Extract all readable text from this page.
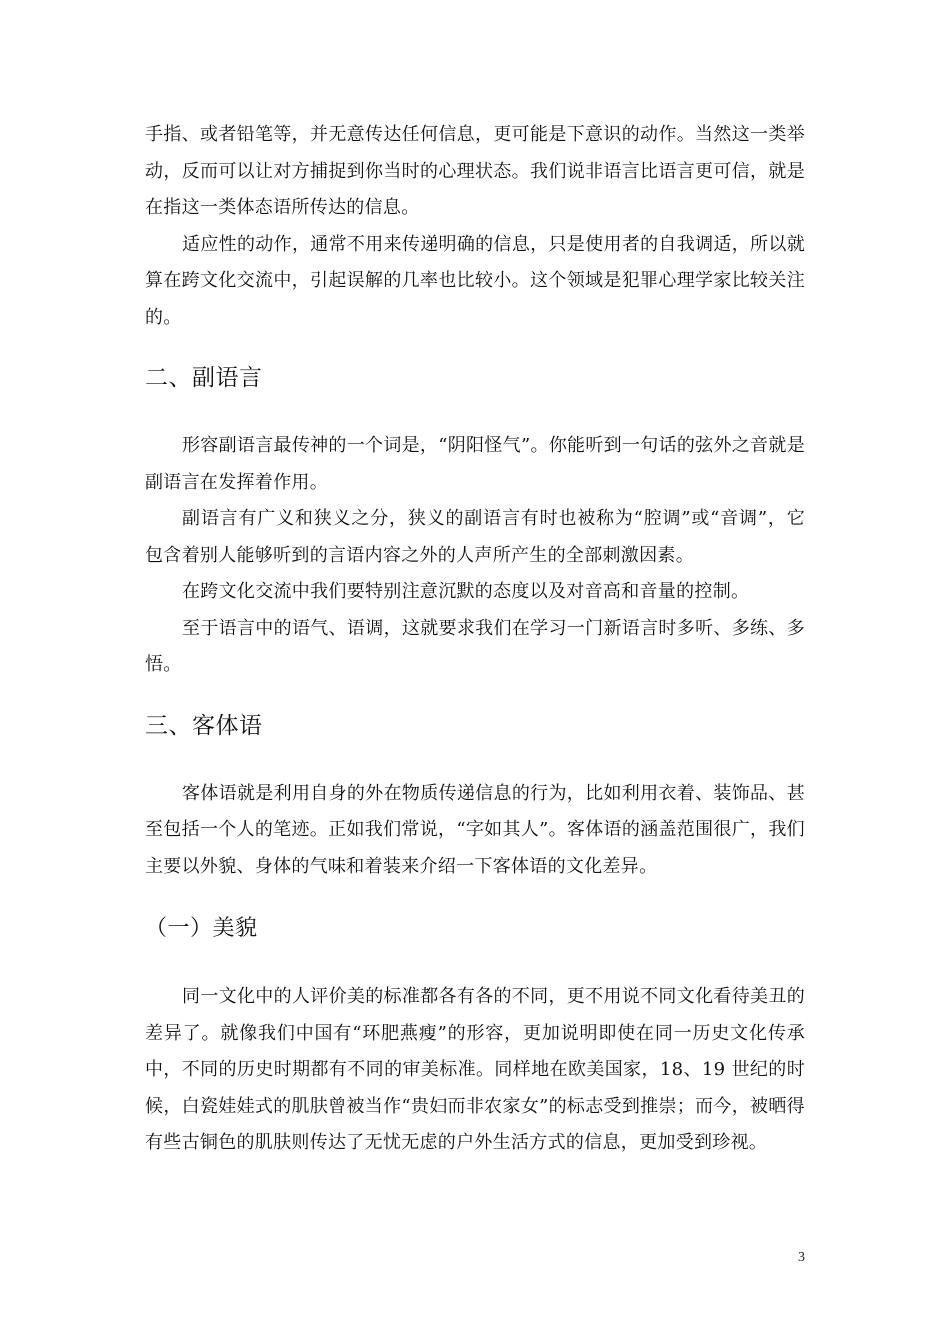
手指、或者铅笔等，并无意传达任何信息，更可能是下意识的动作。当然这一类举动，反而可以让对方捕捉到你当时的心理状态。我们说非语言比语言更可信，就是在指这一类体态语所传达的信息。

适应性的动作，通常不用来传递明确的信息，只是使用者的自我调适，所以就算在跨文化交流中，引起误解的几率也比较小。这个领域是犯罪心理学家比较关注的。

二、副语言

形容副语言最传神的一个词是，“阴阳怪气”。你能听到一句话的弦外之音就是副语言在发挥着作用。

副语言有广义和狭义之分，狭义的副语言有时也被称为“腔调”或“音调”，它包含着别人能够听到的言语内容之外的人声所产生的全部刺激因素。

在跨文化交流中我们要特别注意沉默的态度以及对音高和音量的控制。

至于语言中的语气、语调，这就要求我们在学习一门新语言时多听、多练、多悟。

三、客体语

客体语就是利用自身的外在物质传递信息的行为，比如利用衣着、装饰品、甚至包括一个人的笔迹。正如我们常说，“字如其人”。客体语的涵盖范围很广，我们主要以外貌、身体的气味和着装来介绍一下客体语的文化差异。

（一）美貌

同一文化中的人评价美的标准都各有各的不同，更不用说不同文化看待美丑的差异了。就像我们中国有“环肥燕瘦”的形容，更加说明即使在同一历史文化传承中，不同的历史时期都有不同的审美标准。同样地在欧美国家，18、19 世纪的时候，白瓷娃娃式的肌肤曾被当作“贵妇而非农家女”的标志受到推崇；而今，被晒得有些古铜色的肌肤则传达了无忧无虑的户外生活方式的信息，更加受到珍视。

3
